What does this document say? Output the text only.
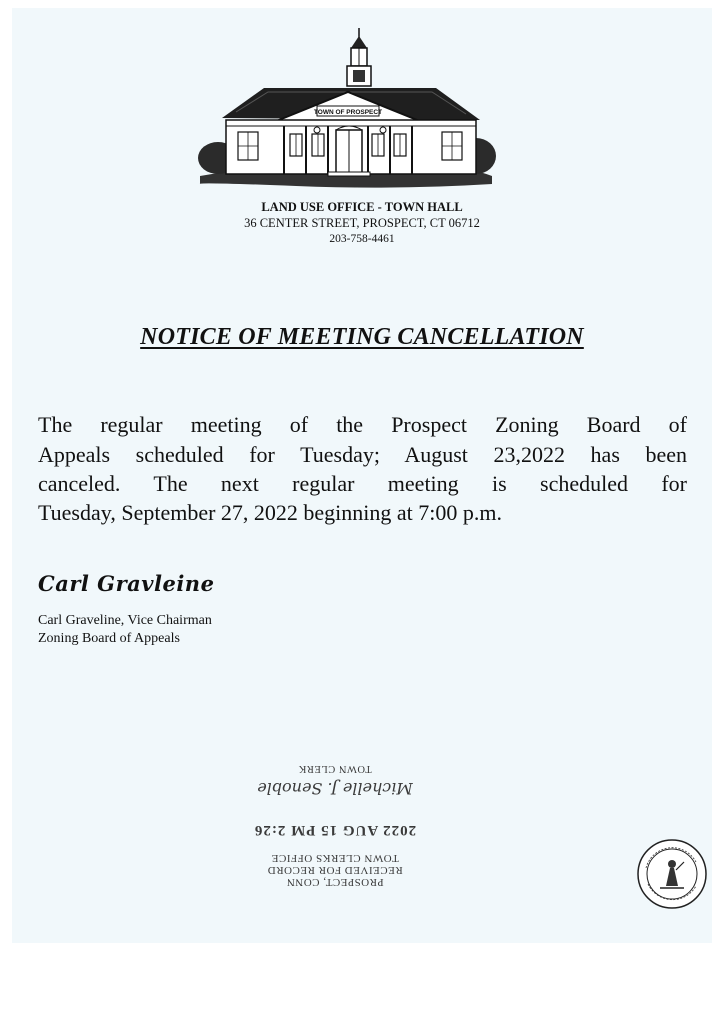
TOWN OF PROSPECT
LAND USE OFFICE - TOWN HALL
36 CENTER STREET, PROSPECT, CT 06712
203-758-4461
NOTICE OF MEETING CANCELLATION
The regular meeting of the Prospect Zoning Board of
Appeals scheduled for Tuesday; August 23,2022 has been
canceled. The next regular meeting is scheduled for
Tuesday, September 27, 2022 beginning at 7:00 p.m.
Carl Gravleine
Carl Graveline, Vice Chairman
Zoning Board of Appeals
PROSPECT, CONN
RECEIVED FOR RECORD
TOWN CLERKS OFFICE
2022 AUG 15 PM 2:26
Michelle J. Senoble
TOWN CLERK
